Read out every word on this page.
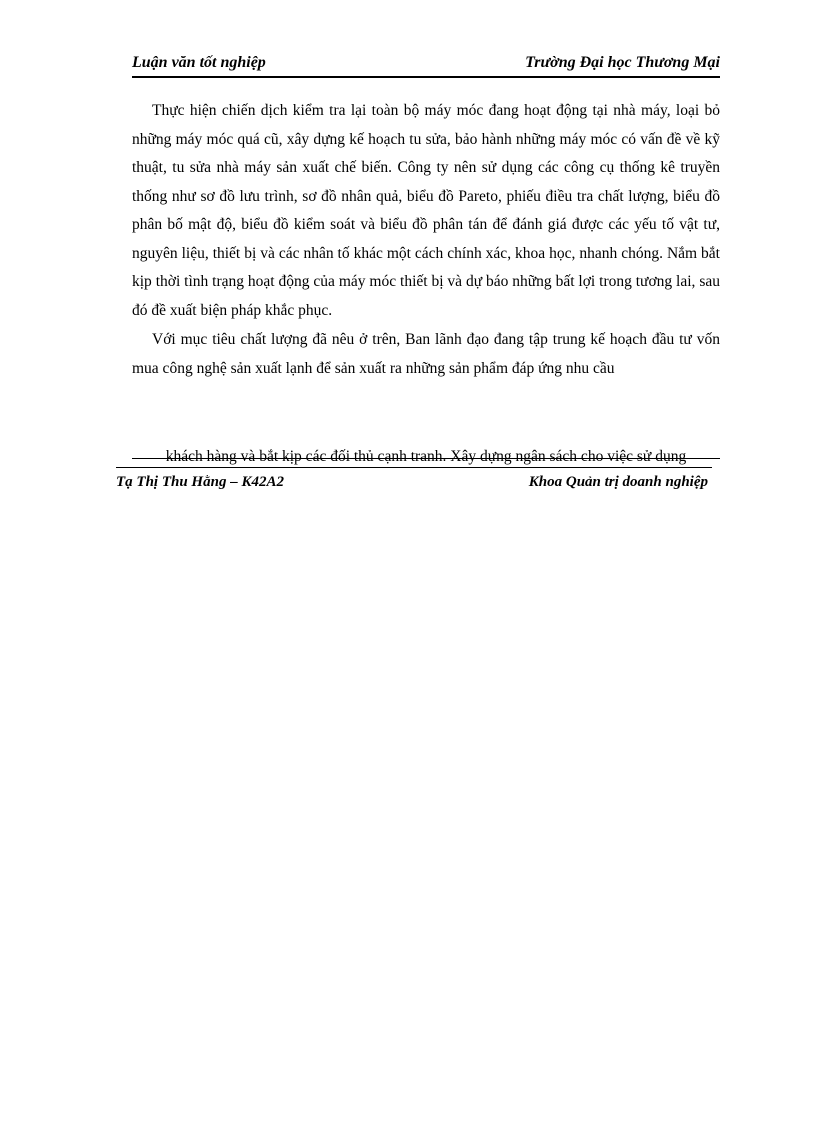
Luận văn tốt nghiệp	Trường Đại học Thương Mại

Thực hiện chiến dịch kiểm tra lại toàn bộ máy móc đang hoạt động tại nhà máy, loại bỏ những máy móc quá cũ, xây dựng kế hoạch tu sửa, bảo hành những máy móc có vấn đề về kỹ thuật, tu sửa nhà máy sản xuất chế biến. Công ty nên sử dụng các công cụ thống kê truyền thống như sơ đồ lưu trình, sơ đồ nhân quả, biểu đồ Pareto, phiếu điều tra chất lượng, biểu đồ phân bố mật độ, biểu đồ kiểm soát và biểu đồ phân tán để đánh giá được các yếu tố vật tư, nguyên liệu, thiết bị và các nhân tố khác một cách chính xác, khoa học, nhanh chóng. Nắm bắt kịp thời tình trạng hoạt động của máy móc thiết bị và dự báo những bất lợi trong tương lai, sau đó đề xuất biện pháp khắc phục.

Với mục tiêu chất lượng đã nêu ở trên, Ban lãnh đạo đang tập trung kế hoạch đầu tư vốn mua công nghệ sản xuất lạnh để sản xuất ra những sản phẩm đáp ứng nhu cầu

khách hàng và bắt kịp các đối thủ cạnh tranh. Xây dựng ngân sách cho việc sử dụng
Tạ Thị Thu Hằng – K42A2	Khoa Quản trị doanh nghiệp
